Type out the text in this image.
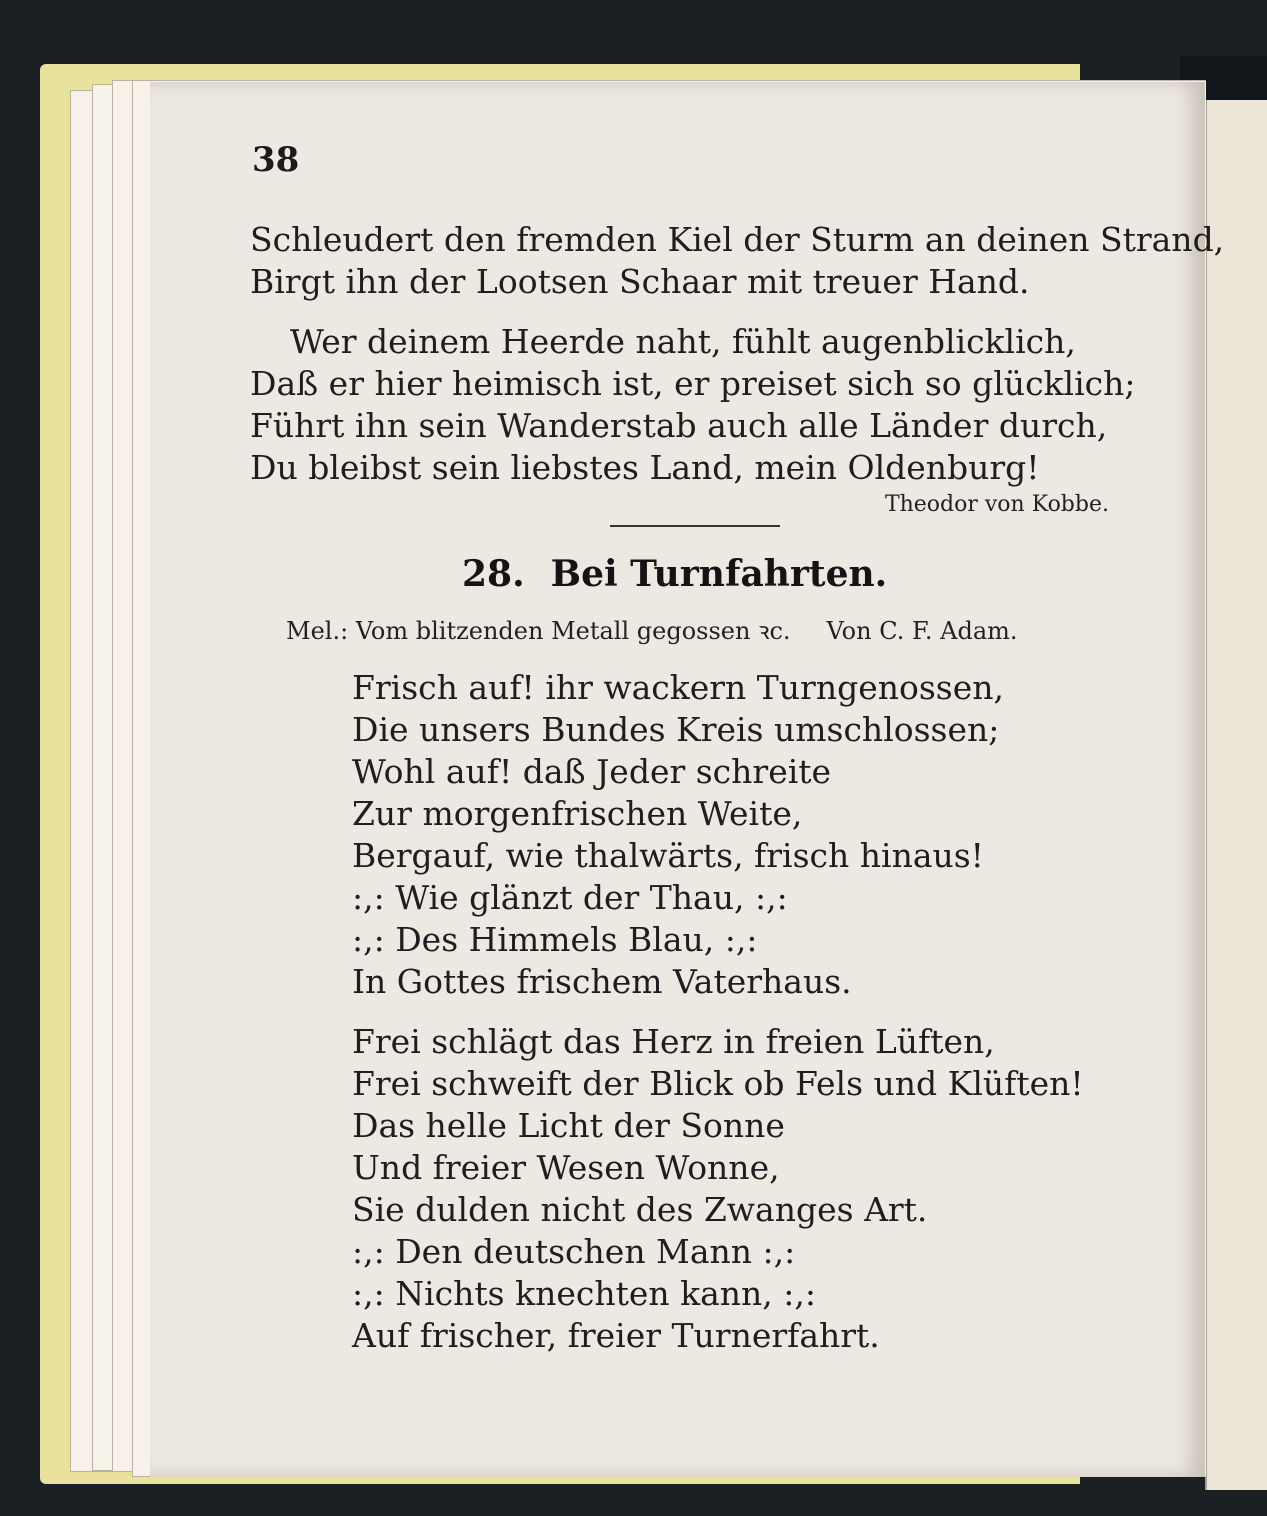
38

Schleudert den fremden Kiel der Sturm an deinen Strand,

Birgt ihn der Lootsen Schaar mit treuer Hand.

Wer deinem Heerde naht, fühlt augenblicklich,

Daß er hier heimisch ist, er preiset sich so glücklich;

Führt ihn sein Wanderstab auch alle Länder durch,

Du bleibst sein liebstes Land, mein Oldenburg!

Theodor von Kobbe.

28. Bei Turnfahrten.

Mel.: Vom blitzenden Metall gegossen ꝛc. Von C. F. Adam.

Frisch auf! ihr wackern Turngenossen,

Die unsers Bundes Kreis umschlossen;

Wohl auf! daß Jeder schreite

Zur morgenfrischen Weite,

Bergauf, wie thalwärts, frisch hinaus!

:,: Wie glänzt der Thau, :,:

:,: Des Himmels Blau, :,:

In Gottes frischem Vaterhaus.

Frei schlägt das Herz in freien Lüften,

Frei schweift der Blick ob Fels und Klüften!

Das helle Licht der Sonne

Und freier Wesen Wonne,

Sie dulden nicht des Zwanges Art.

:,: Den deutschen Mann :,:

:,: Nichts knechten kann, :,:

Auf frischer, freier Turnerfahrt.
